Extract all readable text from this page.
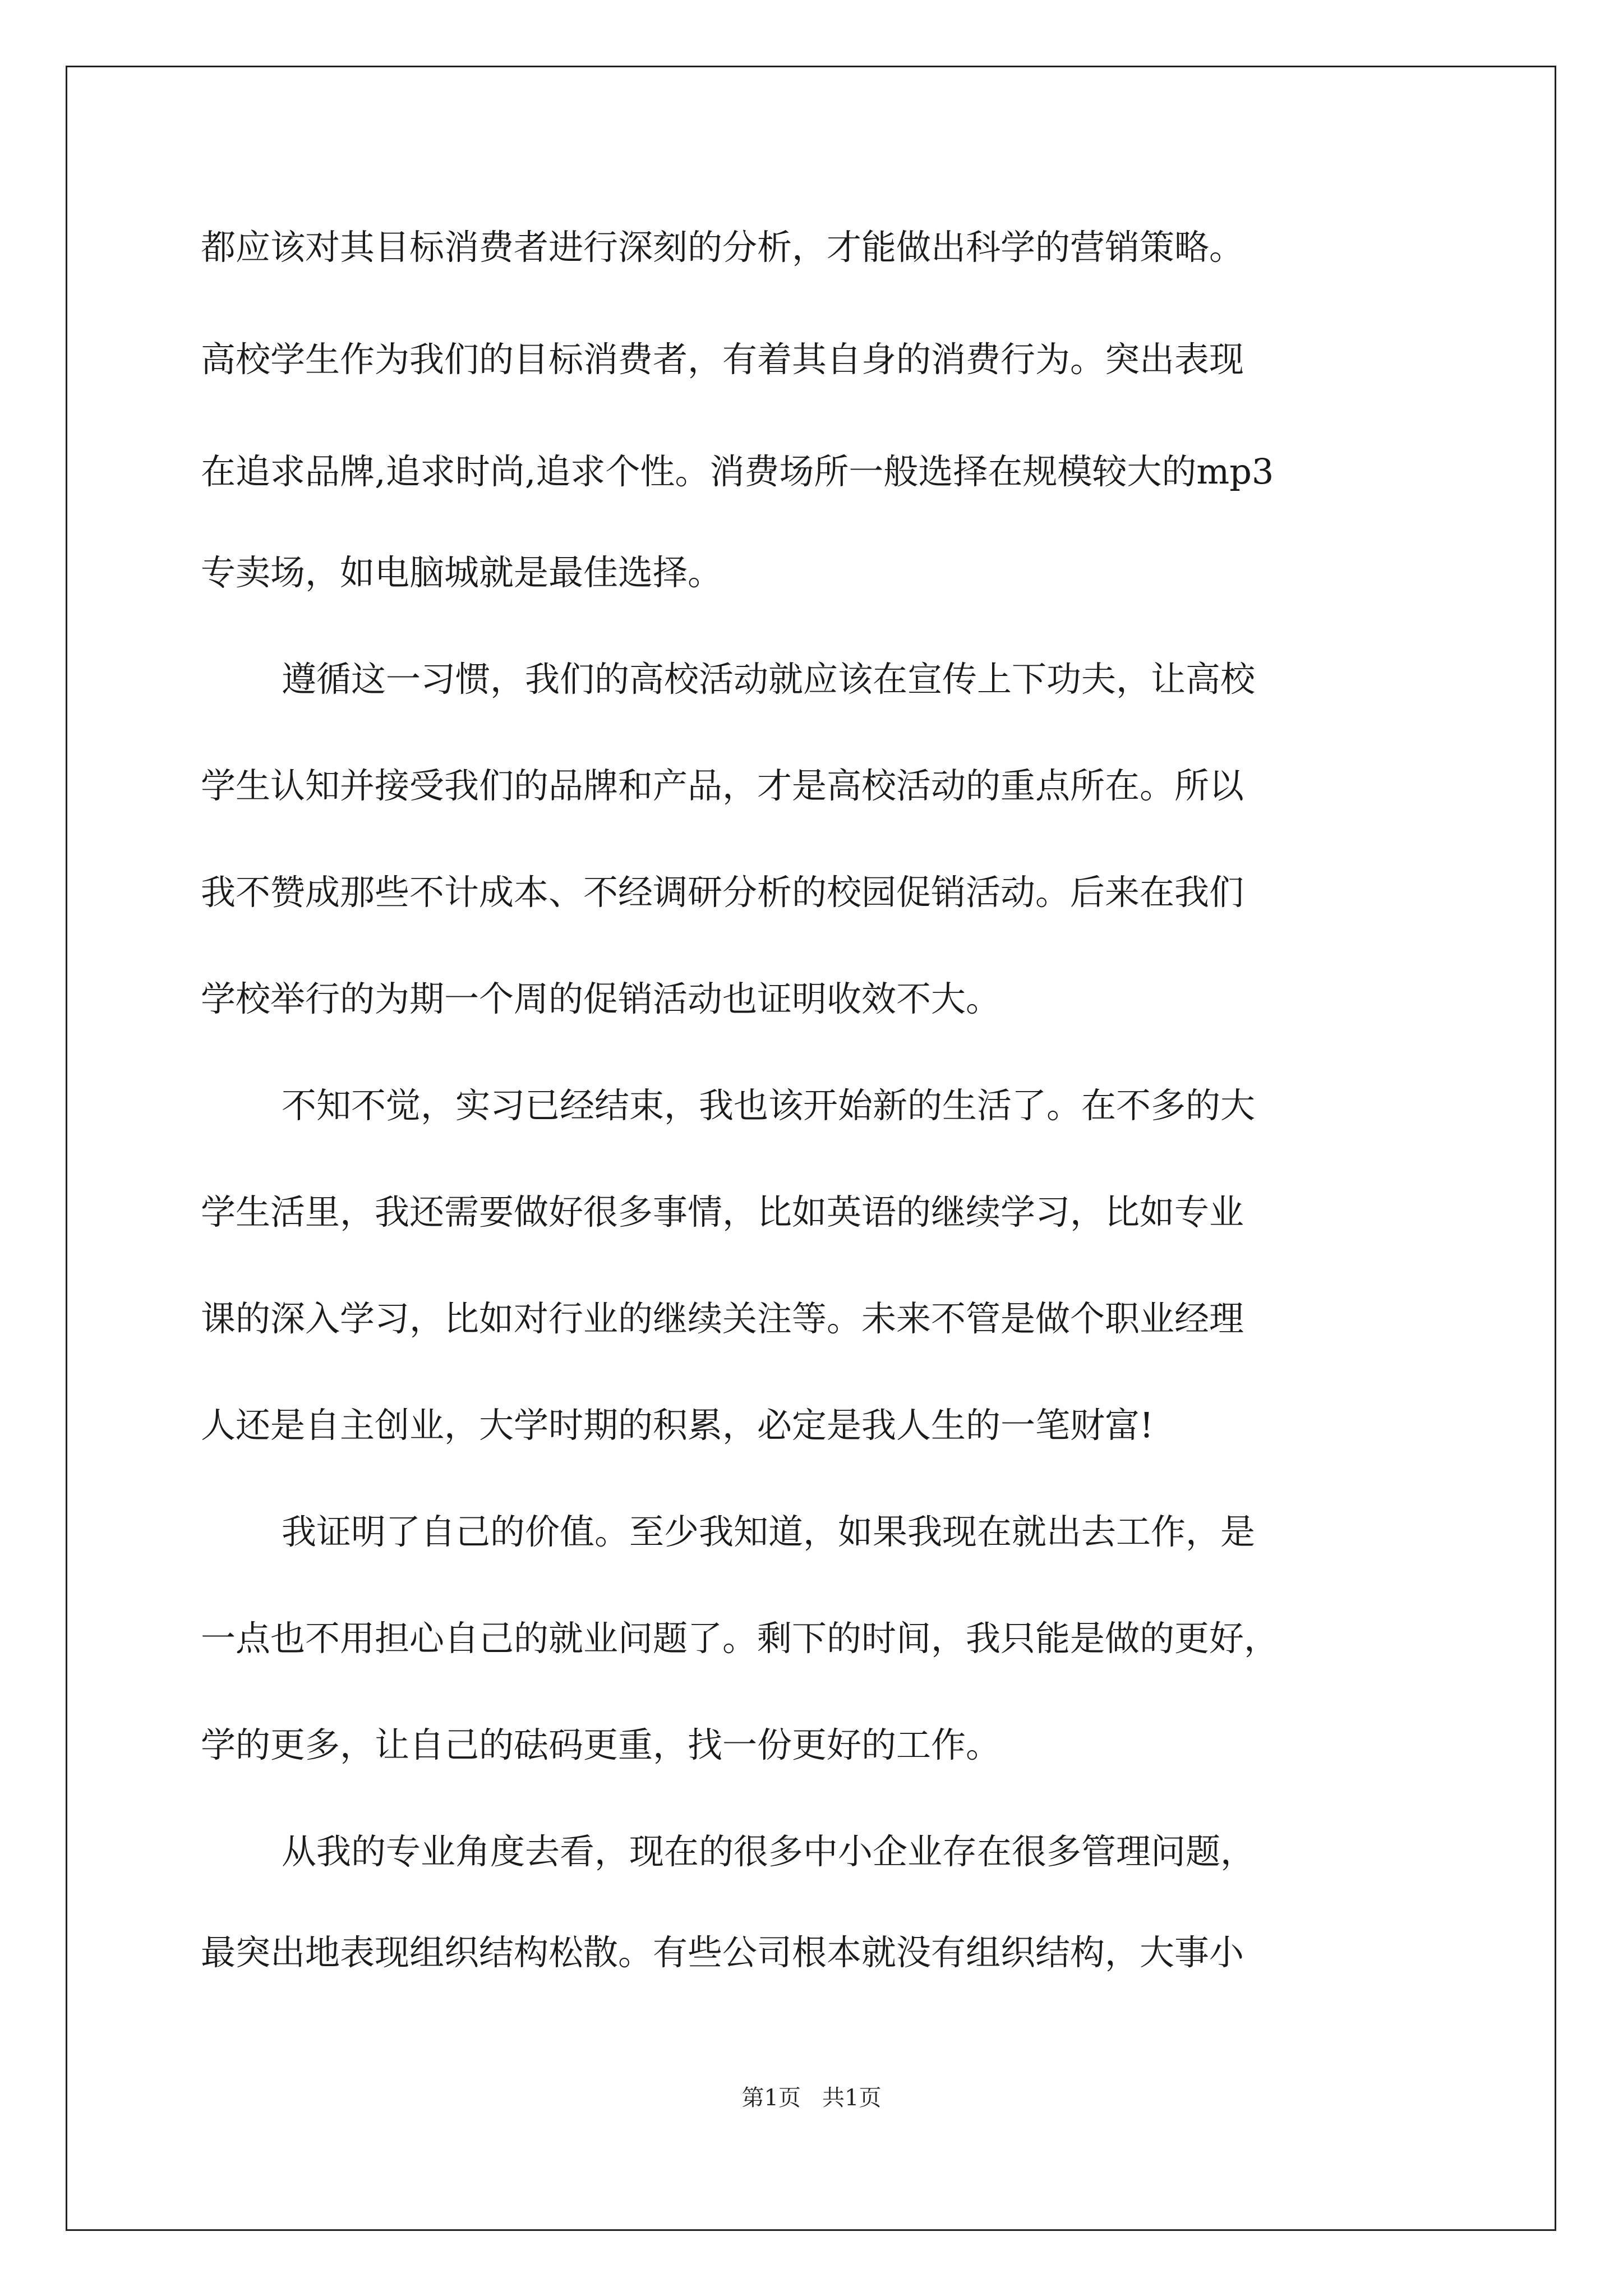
都应该对其目标消费者进行深刻的分析，才能做出科学的营销策略。

高校学生作为我们的目标消费者，有着其自身的消费行为。突出表现

在追求品牌,追求时尚,追求个性。消费场所一般选择在规模较大的mp3

专卖场，如电脑城就是最佳选择。

遵循这一习惯，我们的高校活动就应该在宣传上下功夫，让高校

学生认知并接受我们的品牌和产品，才是高校活动的重点所在。所以

我不赞成那些不计成本、不经调研分析的校园促销活动。后来在我们

学校举行的为期一个周的促销活动也证明收效不大。

不知不觉，实习已经结束，我也该开始新的生活了。在不多的大

学生活里，我还需要做好很多事情，比如英语的继续学习，比如专业

课的深入学习，比如对行业的继续关注等。未来不管是做个职业经理

人还是自主创业，大学时期的积累，必定是我人生的一笔财富!

我证明了自己的价值。至少我知道，如果我现在就出去工作，是

一点也不用担心自己的就业问题了。剩下的时间，我只能是做的更好，

学的更多，让自己的砝码更重，找一份更好的工作。

从我的专业角度去看，现在的很多中小企业存在很多管理问题，

最突出地表现组织结构松散。有些公司根本就没有组织结构，大事小

第1页   共1页
